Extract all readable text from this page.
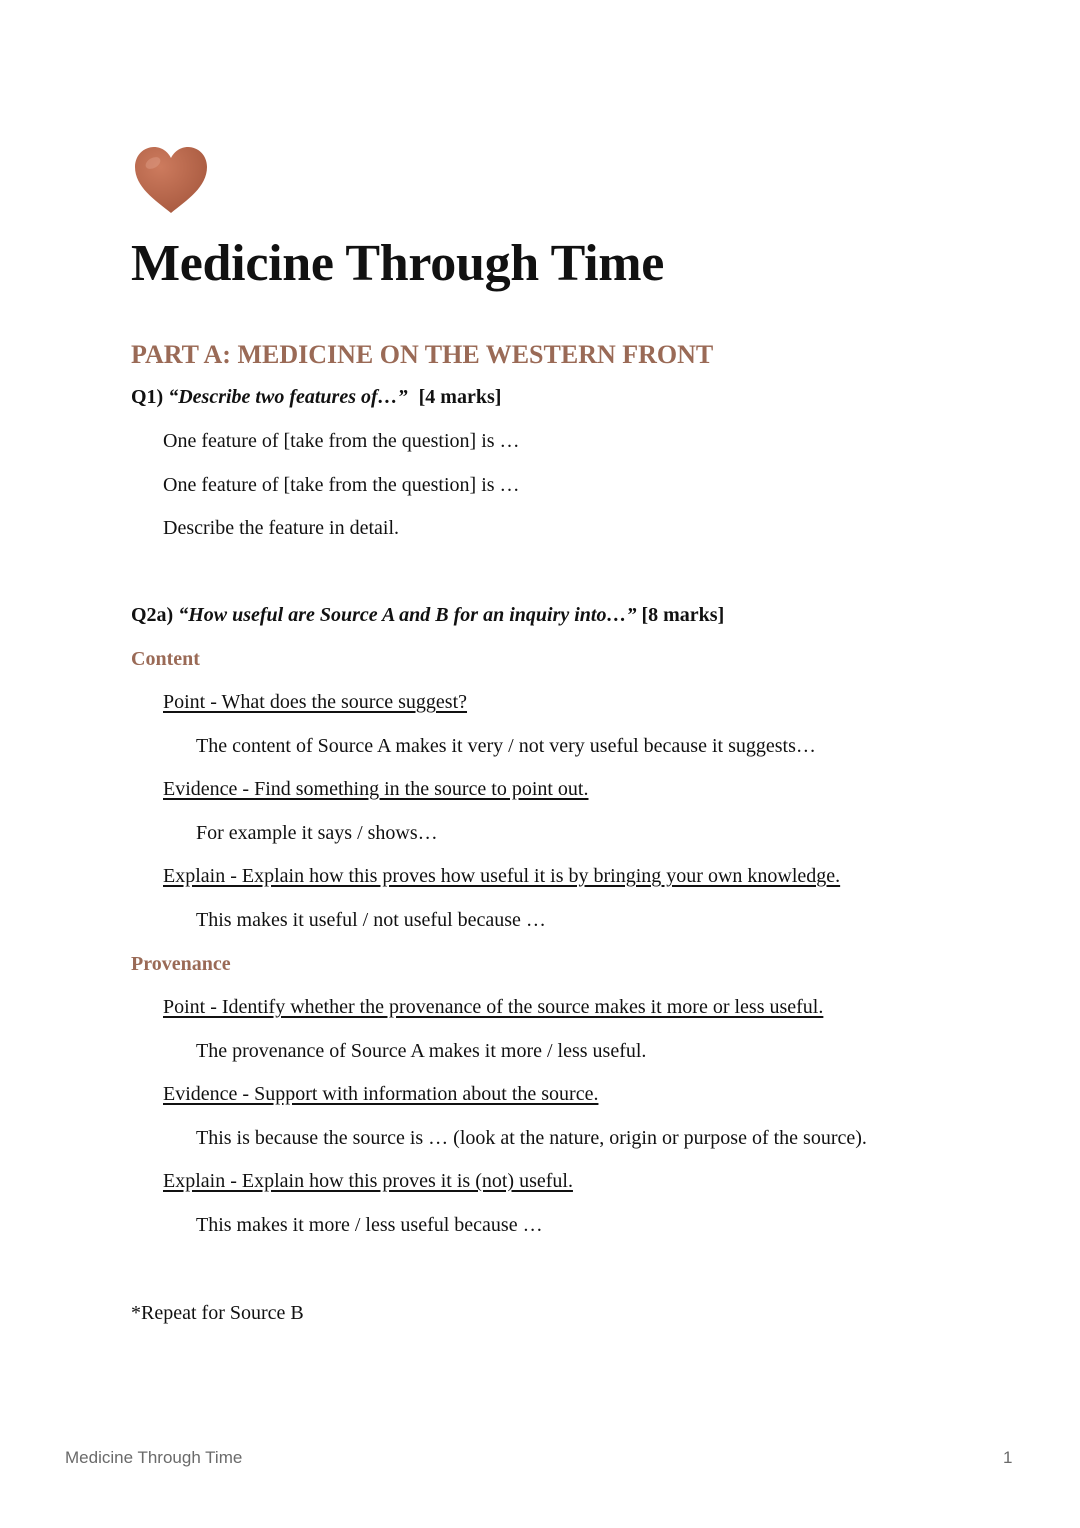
Medicine Through Time
PART A: MEDICINE ON THE WESTERN FRONT

Q1) “Describe two features of…” [4 marks]

One feature of [take from the question] is …

One feature of [take from the question] is …

Describe the feature in detail.

Q2a) “How useful are Source A and B for an inquiry into…” [8 marks]

Content

Point - What does the source suggest?

The content of Source A makes it very / not very useful because it suggests…

Evidence - Find something in the source to point out.

For example it says / shows…

Explain - Explain how this proves how useful it is by bringing your own knowledge.

This makes it useful / not useful because …

Provenance

Point - Identify whether the provenance of the source makes it more or less useful.

The provenance of Source A makes it more / less useful.

Evidence - Support with information about the source.

This is because the source is … (look at the nature, origin or purpose of the source).

Explain - Explain how this proves it is (not) useful.

This makes it more / less useful because …

*Repeat for Source B

Medicine Through Time	1
